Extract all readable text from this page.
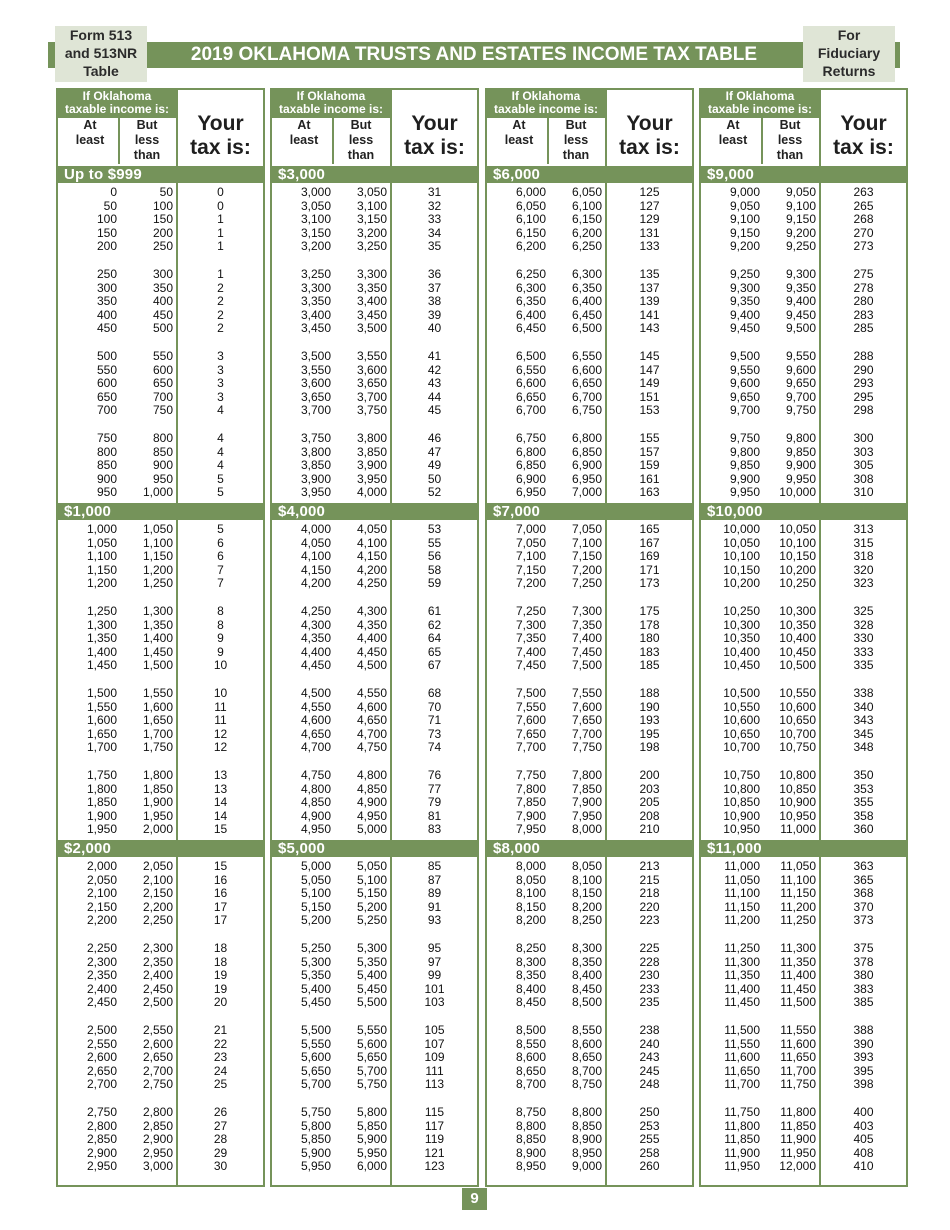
Form 513
and 513NR
Table
2019 OKLAHOMA TRUSTS AND ESTATES INCOME TAX TABLE
For
Fiduciary
Returns
If Oklahoma
taxable income is:
At
least
But
less
than
Your
tax is:
Up to $999
0	50	0
50	100	0
100	150	1
150	200	1
200	250	1
250	300	1
300	350	2
350	400	2
400	450	2
450	500	2
500	550	3
550	600	3
600	650	3
650	700	3
700	750	4
750	800	4
800	850	4
850	900	4
900	950	5
950 1,000	5
$1,000
1,000 1,050	5
1,050 1,100	6
1,100 1,150	6
1,150 1,200	7
1,200 1,250	7
1,250 1,300	8
1,300 1,350	8
1,350 1,400	9
1,400 1,450	9
1,450 1,500	10
1,500 1,550	10
1,550 1,600	11
1,600 1,650	11
1,650 1,700	12
1,700 1,750	12
1,750 1,800	13
1,800 1,850	13
1,850 1,900	14
1,900 1,950	14
1,950 2,000	15
$2,000
2,000 2,050	15
2,050 2,100	16
2,100 2,150	16
2,150 2,200	17
2,200 2,250	17
2,250 2,300	18
2,300 2,350	18
2,350 2,400	19
2,400 2,450	19
2,450 2,500	20
2,500 2,550	21
2,550 2,600	22
2,600 2,650	23
2,650 2,700	24
2,700 2,750	25
2,750 2,800	26
2,800 2,850	27
2,850 2,900	28
2,900 2,950	29
2,950 3,000	30
If Oklahoma
taxable income is:
At
least
But
less
than
Your
tax is:
$3,000
3,000 3,050	31
3,050 3,100	32
3,100 3,150	33
3,150 3,200	34
3,200 3,250	35
3,250 3,300	36
3,300 3,350	37
3,350 3,400	38
3,400 3,450	39
3,450 3,500	40
3,500 3,550	41
3,550 3,600	42
3,600 3,650	43
3,650 3,700	44
3,700 3,750	45
3,750 3,800	46
3,800 3,850	47
3,850 3,900	49
3,900 3,950	50
3,950 4,000	52
$4,000
4,000 4,050	53
4,050 4,100	55
4,100 4,150	56
4,150 4,200	58
4,200 4,250	59
4,250 4,300	61
4,300 4,350	62
4,350 4,400	64
4,400 4,450	65
4,450 4,500	67
4,500 4,550	68
4,550 4,600	70
4,600 4,650	71
4,650 4,700	73
4,700 4,750	74
4,750 4,800	76
4,800 4,850	77
4,850 4,900	79
4,900 4,950	81
4,950 5,000	83
$5,000
5,000 5,050	85
5,050 5,100	87
5,100 5,150	89
5,150 5,200	91
5,200 5,250	93
5,250 5,300	95
5,300 5,350	97
5,350 5,400	99
5,400 5,450	101
5,450 5,500	103
5,500 5,550	105
5,550 5,600	107
5,600 5,650	109
5,650 5,700	111
5,700 5,750	113
5,750 5,800	115
5,800 5,850	117
5,850 5,900	119
5,900 5,950	121
5,950 6,000	123
If Oklahoma
taxable income is:
At
least
But
less
than
Your
tax is:
$6,000
6,000 6,050	125
6,050 6,100	127
6,100 6,150	129
6,150 6,200	131
6,200 6,250	133
6,250 6,300	135
6,300 6,350	137
6,350 6,400	139
6,400 6,450	141
6,450 6,500	143
6,500 6,550	145
6,550 6,600	147
6,600 6,650	149
6,650 6,700	151
6,700 6,750	153
6,750 6,800	155
6,800 6,850	157
6,850 6,900	159
6,900 6,950	161
6,950 7,000	163
$7,000
7,000 7,050	165
7,050 7,100	167
7,100 7,150	169
7,150 7,200	171
7,200 7,250	173
7,250 7,300	175
7,300 7,350	178
7,350 7,400	180
7,400 7,450	183
7,450 7,500	185
7,500 7,550	188
7,550 7,600	190
7,600 7,650	193
7,650 7,700	195
7,700 7,750	198
7,750 7,800	200
7,800 7,850	203
7,850 7,900	205
7,900 7,950	208
7,950 8,000	210
$8,000
8,000 8,050	213
8,050 8,100	215
8,100 8,150	218
8,150 8,200	220
8,200 8,250	223
8,250 8,300	225
8,300 8,350	228
8,350 8,400	230
8,400 8,450	233
8,450 8,500	235
8,500 8,550	238
8,550 8,600	240
8,600 8,650	243
8,650 8,700	245
8,700 8,750	248
8,750 8,800	250
8,800 8,850	253
8,850 8,900	255
8,900 8,950	258
8,950 9,000	260
If Oklahoma
taxable income is:
At
least
But
less
than
Your
tax is:
$9,000
9,000 9,050	263
9,050 9,100	265
9,100 9,150	268
9,150 9,200	270
9,200 9,250	273
9,250 9,300	275
9,300 9,350	278
9,350 9,400	280
9,400 9,450	283
9,450 9,500	285
9,500 9,550	288
9,550 9,600	290
9,600 9,650	293
9,650 9,700	295
9,700 9,750	298
9,750 9,800	300
9,800 9,850	303
9,850 9,900	305
9,900 9,950	308
9,950 10,000	310
$10,000
10,000 10,050	313
10,050 10,100	315
10,100 10,150	318
10,150 10,200	320
10,200 10,250	323
10,250 10,300	325
10,300 10,350	328
10,350 10,400	330
10,400 10,450	333
10,450 10,500	335
10,500 10,550	338
10,550 10,600	340
10,600 10,650	343
10,650 10,700	345
10,700 10,750	348
10,750 10,800	350
10,800 10,850	353
10,850 10,900	355
10,900 10,950	358
10,950 11,000	360
$11,000
11,000 11,050	363
11,050 11,100	365
11,100 11,150	368
11,150 11,200	370
11,200 11,250	373
11,250 11,300	375
11,300 11,350	378
11,350 11,400	380
11,400 11,450	383
11,450 11,500	385
11,500 11,550	388
11,550 11,600	390
11,600 11,650	393
11,650 11,700	395
11,700 11,750	398
11,750 11,800	400
11,800 11,850	403
11,850 11,900	405
11,900 11,950	408
11,950 12,000	410
9
